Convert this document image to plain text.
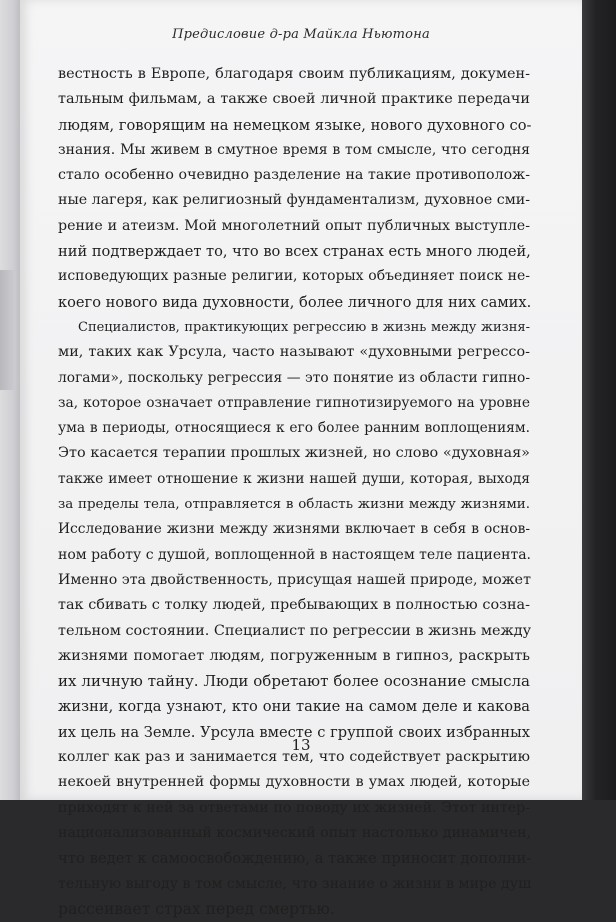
Предисловие д-ра Майкла Ньютона
вестность в Европе, благодаря своим публикациям, докумен-
тальным фильмам, а также своей личной практике передачи
людям, говорящим на немецком языке, нового духовного со-
знания. Мы живем в смутное время в том смысле, что сегодня
стало особенно очевидно разделение на такие противополож-
ные лагеря, как религиозный фундаментализм, духовное сми-
рение и атеизм. Мой многолетний опыт публичных выступле-
ний подтверждает то, что во всех странах есть много людей,
исповедующих разные религии, которых объединяет поиск не-
коего нового вида духовности, более личного для них самих.
Специалистов, практикующих регрессию в жизнь между жизня-
ми, таких как Урсула, часто называют «духовными регрессо-
логами», поскольку регрессия — это понятие из области гипно-
за, которое означает отправление гипнотизируемого на уровне
ума в периоды, относящиеся к его более ранним воплощениям.
Это касается терапии прошлых жизней, но слово «духовная»
также имеет отношение к жизни нашей души, которая, выходя
за пределы тела, отправляется в область жизни между жизнями.
Исследование жизни между жизнями включает в себя в основ-
ном работу с душой, воплощенной в настоящем теле пациента.
Именно эта двойственность, присущая нашей природе, может
так сбивать с толку людей, пребывающих в полностью сознa-
тельном состоянии. Специалист по регрессии в жизнь между
жизнями помогает людям, погруженным в гипноз, раскрыть
их личную тайну. Люди обретают более осознание смысла
жизни, когда узнают, кто они такие на самом деле и какова
их цель на Земле. Урсула вместе с группой своих избранных
коллег как раз и занимается тем, что содействует раскрытию
некоей внутренней формы духовности в умах людей, которые
приходят к ней за ответами по поводу их жизней. Этот интер-
национализованный космический опыт настолько динамичен,
что ведет к самоосвобождению, а также приносит дополни-
тельную выгоду в том смысле, что знание о жизни в мире душ
рассеивает страх перед смертью.
13
